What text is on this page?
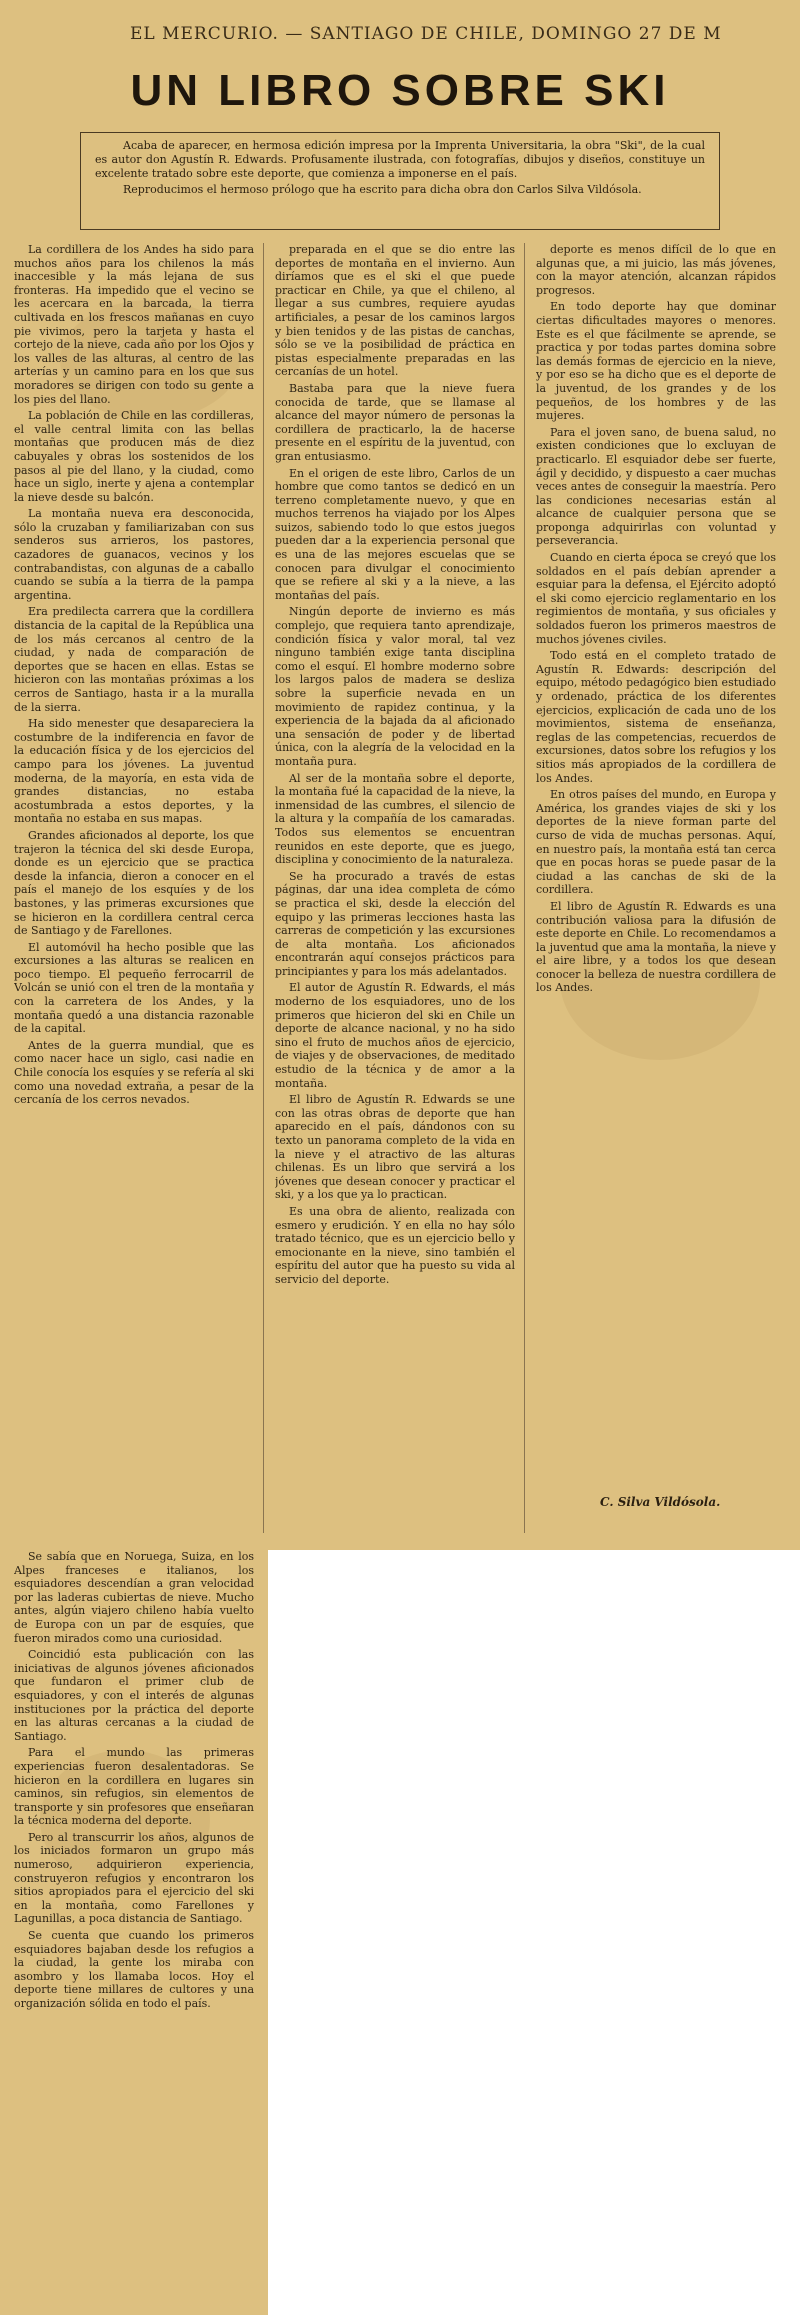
EL MERCURIO. — SANTIAGO DE CHILE, DOMINGO 27 DE M
UN LIBRO SOBRE SKI

Acaba de aparecer, en hermosa edición impresa por la Imprenta Universitaria, la obra "Ski", de la cual es autor don Agustín R. Edwards. Profusamente ilustrada, con fotografías, dibujos y diseños, constituye un excelente tratado sobre este deporte, que comienza a imponerse en el país.

Reproducimos el hermoso prólogo que ha escrito para dicha obra don Carlos Silva Vildósola.

La cordillera de los Andes ha sido para muchos años para los chilenos la más inaccesible y la más lejana de sus fronteras. Ha impedido que el vecino se les acercara en la barcada, la tierra cultivada en los frescos mañanas en cuyo pie vivimos, pero la tarjeta y hasta el cortejo de la nieve, cada año por los Ojos y los valles de las alturas, al centro de las arterías y un camino para en los que sus moradores se dirigen con todo su gente a los pies del llano.

La población de Chile en las cordilleras, el valle central limita con las bellas montañas que producen más de diez cabuyales y obras los sostenidos de los pasos al pie del llano, y la ciudad, como hace un siglo, inerte y ajena a contemplar la nieve desde su balcón.

La montaña nueva era desconocida, sólo la cruzaban y familiarizaban con sus senderos sus arrieros, los pastores, cazadores de guanacos, vecinos y los contrabandistas, con algunas de a caballo cuando se subía a la tierra de la pampa argentina.

Era predilecta carrera que la cordillera distancia de la capital de la República una de los más cercanos al centro de la ciudad, y nada de comparación de deportes que se hacen en ellas. Estas se hicieron con las montañas próximas a los cerros de Santiago, hasta ir a la muralla de la sierra.

Ha sido menester que desapareciera la costumbre de la indiferencia en favor de la educación física y de los ejercicios del campo para los jóvenes. La juventud moderna, de la mayoría, en esta vida de grandes distancias, no estaba acostumbrada a estos deportes, y la montaña no estaba en sus mapas.

Grandes aficionados al deporte, los que trajeron la técnica del ski desde Europa, donde es un ejercicio que se practica desde la infancia, dieron a conocer en el país el manejo de los esquíes y de los bastones, y las primeras excursiones que se hicieron en la cordillera central cerca de Santiago y de Farellones.

El automóvil ha hecho posible que las excursiones a las alturas se realicen en poco tiempo. El pequeño ferrocarril de Volcán se unió con el tren de la montaña y con la carretera de los Andes, y la montaña quedó a una distancia razonable de la capital.

Antes de la guerra mundial, que es como nacer hace un siglo, casi nadie en Chile conocía los esquíes y se refería al ski como una novedad extraña, a pesar de la cercanía de los cerros nevados.

preparada en el que se dio entre las deportes de montaña en el invierno. Aun diríamos que es el ski el que puede practicar en Chile, ya que el chileno, al llegar a sus cumbres, requiere ayudas artificiales, a pesar de los caminos largos y bien tenidos y de las pistas de canchas, sólo se ve la posibilidad de práctica en pistas especialmente preparadas en las cercanías de un hotel.

Bastaba para que la nieve fuera conocida de tarde, que se llamase al alcance del mayor número de personas la cordillera de practicarlo, la de hacerse presente en el espíritu de la juventud, con gran entusiasmo.

En el origen de este libro, Carlos de un hombre que como tantos se dedicó en un terreno completamente nuevo, y que en muchos terrenos ha viajado por los Alpes suizos, sabiendo todo lo que estos juegos pueden dar a la experiencia personal que es una de las mejores escuelas que se conocen para divulgar el conocimiento que se refiere al ski y a la nieve, a las montañas del país.

Ningún deporte de invierno es más complejo, que requiera tanto aprendizaje, condición física y valor moral, tal vez ninguno también exige tanta disciplina como el esquí. El hombre moderno sobre los largos palos de madera se desliza sobre la superficie nevada en un movimiento de rapidez continua, y la experiencia de la bajada da al aficionado una sensación de poder y de libertad única, con la alegría de la velocidad en la montaña pura.

Al ser de la montaña sobre el deporte, la montaña fué la capacidad de la nieve, la inmensidad de las cumbres, el silencio de la altura y la compañía de los camaradas. Todos sus elementos se encuentran reunidos en este deporte, que es juego, disciplina y conocimiento de la naturaleza.

Se ha procurado a través de estas páginas, dar una idea completa de cómo se practica el ski, desde la elección del equipo y las primeras lecciones hasta las carreras de competición y las excursiones de alta montaña. Los aficionados encontrarán aquí consejos prácticos para principiantes y para los más adelantados.

El autor de Agustín R. Edwards, el más moderno de los esquiadores, uno de los primeros que hicieron del ski en Chile un deporte de alcance nacional, y no ha sido sino el fruto de muchos años de ejercicio, de viajes y de observaciones, de meditado estudio de la técnica y de amor a la montaña.

El libro de Agustín R. Edwards se une con las otras obras de deporte que han aparecido en el país, dándonos con su texto un panorama completo de la vida en la nieve y el atractivo de las alturas chilenas. Es un libro que servirá a los jóvenes que desean conocer y practicar el ski, y a los que ya lo practican.

Es una obra de aliento, realizada con esmero y erudición. Y en ella no hay sólo tratado técnico, que es un ejercicio bello y emocionante en la nieve, sino también el espíritu del autor que ha puesto su vida al servicio del deporte.

deporte es menos difícil de lo que en algunas que, a mi juicio, las más jóvenes, con la mayor atención, alcanzan rápidos progresos.

En todo deporte hay que dominar ciertas dificultades mayores o menores. Este es el que fácilmente se aprende, se practica y por todas partes domina sobre las demás formas de ejercicio en la nieve, y por eso se ha dicho que es el deporte de la juventud, de los grandes y de los pequeños, de los hombres y de las mujeres.

Para el joven sano, de buena salud, no existen condiciones que lo excluyan de practicarlo. El esquiador debe ser fuerte, ágil y decidido, y dispuesto a caer muchas veces antes de conseguir la maestría. Pero las condiciones necesarias están al alcance de cualquier persona que se proponga adquirirlas con voluntad y perseverancia.

Cuando en cierta época se creyó que los soldados en el país debían aprender a esquiar para la defensa, el Ejército adoptó el ski como ejercicio reglamentario en los regimientos de montaña, y sus oficiales y soldados fueron los primeros maestros de muchos jóvenes civiles.

Todo está en el completo tratado de Agustín R. Edwards: descripción del equipo, método pedagógico bien estudiado y ordenado, práctica de los diferentes ejercicios, explicación de cada uno de los movimientos, sistema de enseñanza, reglas de las competencias, recuerdos de excursiones, datos sobre los refugios y los sitios más apropiados de la cordillera de los Andes.

En otros países del mundo, en Europa y América, los grandes viajes de ski y los deportes de la nieve forman parte del curso de vida de muchas personas. Aquí, en nuestro país, la montaña está tan cerca que en pocas horas se puede pasar de la ciudad a las canchas de ski de la cordillera.

El libro de Agustín R. Edwards es una contribución valiosa para la difusión de este deporte en Chile. Lo recomendamos a la juventud que ama la montaña, la nieve y el aire libre, y a todos los que desean conocer la belleza de nuestra cordillera de los Andes.

C. Silva Vildósola.

Se sabía que en Noruega, Suiza, en los Alpes franceses e italianos, los esquiadores descendían a gran velocidad por las laderas cubiertas de nieve. Mucho antes, algún viajero chileno había vuelto de Europa con un par de esquíes, que fueron mirados como una curiosidad.

Coincidió esta publicación con las iniciativas de algunos jóvenes aficionados que fundaron el primer club de esquiadores, y con el interés de algunas instituciones por la práctica del deporte en las alturas cercanas a la ciudad de Santiago.

Para el mundo las primeras experiencias fueron desalentadoras. Se hicieron en la cordillera en lugares sin caminos, sin refugios, sin elementos de transporte y sin profesores que enseñaran la técnica moderna del deporte.

Pero al transcurrir los años, algunos de los iniciados formaron un grupo más numeroso, adquirieron experiencia, construyeron refugios y encontraron los sitios apropiados para el ejercicio del ski en la montaña, como Farellones y Lagunillas, a poca distancia de Santiago.

Se cuenta que cuando los primeros esquiadores bajaban desde los refugios a la ciudad, la gente los miraba con asombro y los llamaba locos. Hoy el deporte tiene millares de cultores y una organización sólida en todo el país.
